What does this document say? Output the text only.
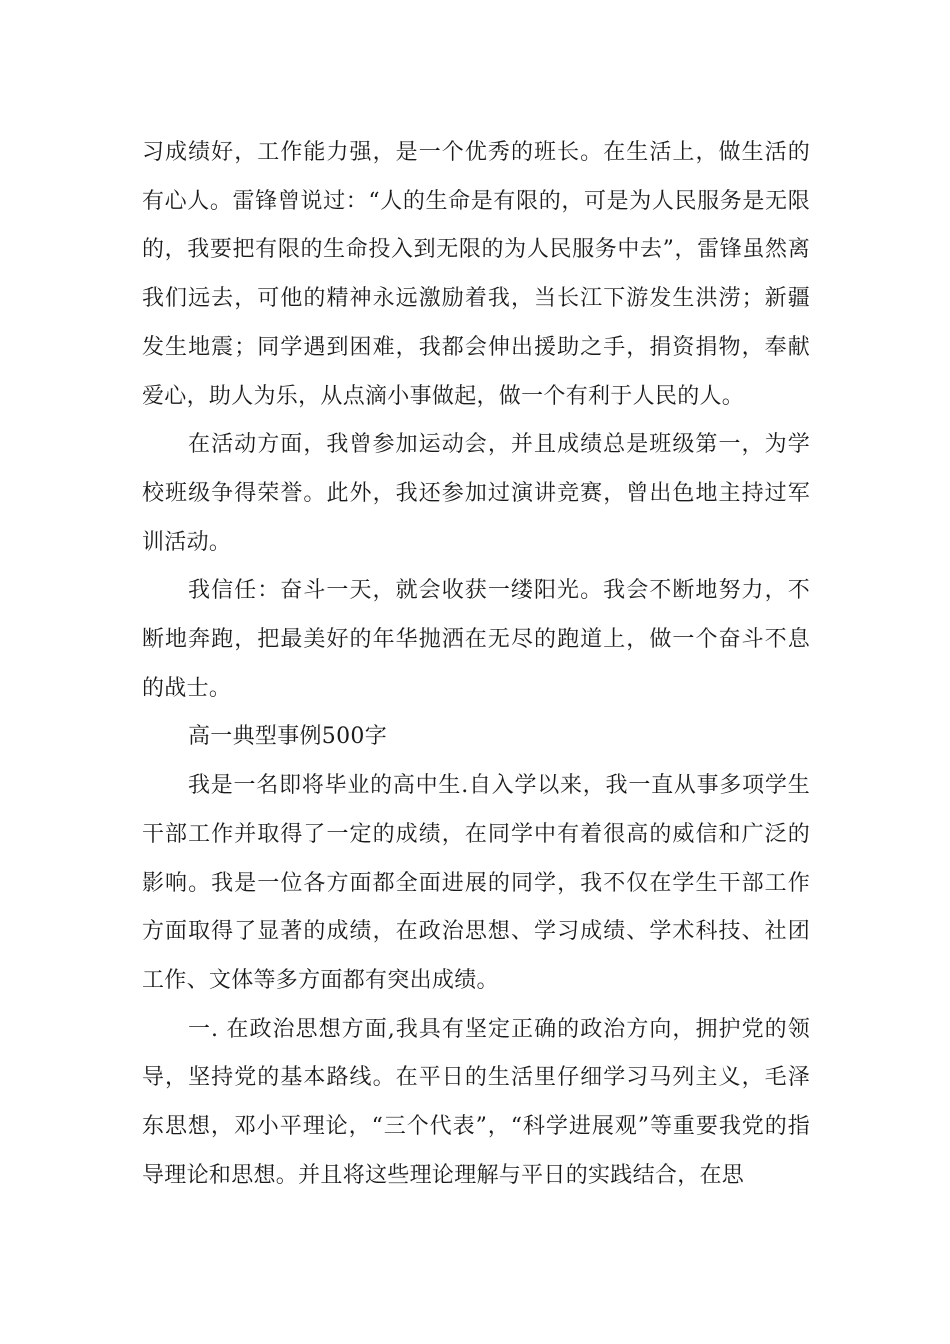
习成绩好，工作能力强，是一个优秀的班长。在生活上，做生活的有心人。雷锋曾说过：“人的生命是有限的，可是为人民服务是无限的，我要把有限的生命投入到无限的为人民服务中去”，雷锋虽然离我们远去，可他的精神永远激励着我，当长江下游发生洪涝；新疆发生地震；同学遇到困难，我都会伸出援助之手，捐资捐物，奉献爱心，助人为乐，从点滴小事做起，做一个有利于人民的人。

在活动方面，我曾参加运动会，并且成绩总是班级第一，为学校班级争得荣誉。此外，我还参加过演讲竞赛，曾出色地主持过军训活动。

我信任：奋斗一天，就会收获一缕阳光。我会不断地努力，不断地奔跑，把最美好的年华抛洒在无尽的跑道上，做一个奋斗不息的战士。

高一典型事例500字

我是一名即将毕业的高中生.自入学以来，我一直从事多项学生干部工作并取得了一定的成绩，在同学中有着很高的威信和广泛的影响。我是一位各方面都全面进展的同学，我不仅在学生干部工作方面取得了显著的成绩，在政治思想、学习成绩、学术科技、社团工作、文体等多方面都有突出成绩。

一. 在政治思想方面,我具有坚定正确的政治方向，拥护党的领导，坚持党的基本路线。在平日的生活里仔细学习马列主义，毛泽东思想，邓小平理论，“三个代表”，“科学进展观”等重要我党的指导理论和思想。并且将这些理论理解与平日的实践结合，在思
